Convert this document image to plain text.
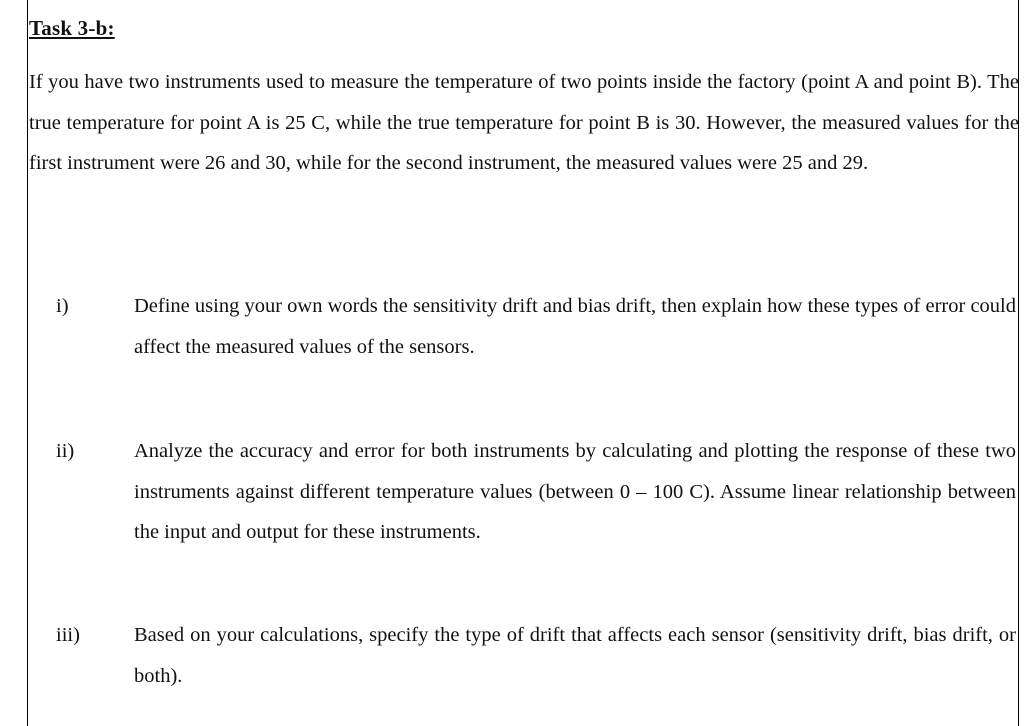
Task 3-b:
If you have two instruments used to measure the temperature of two points inside the factory (point A and point B). The true temperature for point A is 25 C, while the true temperature for point B is 30. However, the measured values for the first instrument were 26 and 30, while for the second instrument, the measured values were 25 and 29.
i)	Define using your own words the sensitivity drift and bias drift, then explain how these types of error could affect the measured values of the sensors.
ii)	Analyze the accuracy and error for both instruments by calculating and plotting the response of these two instruments against different temperature values (between 0 – 100 C). Assume linear relationship between the input and output for these instruments.
iii)	Based on your calculations, specify the type of drift that affects each sensor (sensitivity drift, bias drift, or both).
